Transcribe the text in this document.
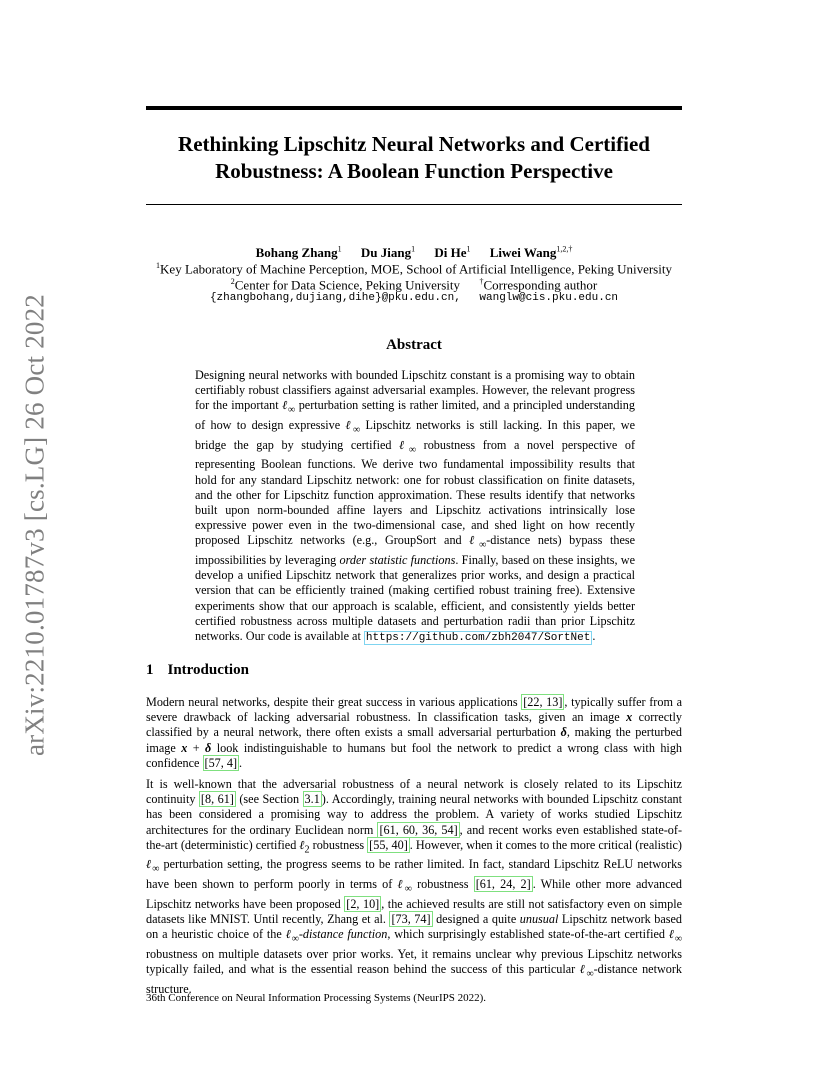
arXiv:2210.01787v3 [cs.LG] 26 Oct 2022
Rethinking Lipschitz Neural Networks and Certified
Robustness: A Boolean Function Perspective
Bohang Zhang$^1$ Du Jiang$^1$ Di He$^1$ Liwei Wang$^{1,2,\dagger}$
$^1$Key Laboratory of Machine Perception, MOE, School of Artificial Intelligence, Peking University
$^2$Center for Data Science, Peking University †Corresponding author
{zhangbohang,dujiang,dihe}@pku.edu.cn, wanglw@cis.pku.edu.cn
Abstract
Designing neural networks with bounded Lipschitz constant is a promising way to obtain certifiably robust classifiers against adversarial examples. However, the relevant progress for the important ℓ$_\infty$ perturbation setting is rather limited, and a principled understanding of how to design expressive ℓ$_\infty$ Lipschitz networks is still lacking. In this paper, we bridge the gap by studying certified ℓ$_\infty$ robustness from a novel perspective of representing Boolean functions. We derive two fundamental impossibility results that hold for any standard Lipschitz network: one for robust classification on finite datasets, and the other for Lipschitz function approximation. These results identify that networks built upon norm-bounded affine layers and Lipschitz activations intrinsically lose expressive power even in the two-dimensional case, and shed light on how recently proposed Lipschitz networks (e.g., GroupSort and ℓ$_\infty$-distance nets) bypass these impossibilities by leveraging order statistic functions. Finally, based on these insights, we develop a unified Lipschitz network that generalizes prior works, and design a practical version that can be efficiently trained (making certified robust training free). Extensive experiments show that our approach is scalable, efficient, and consistently yields better certified robustness across multiple datasets and perturbation radii than prior Lipschitz networks. Our code is available at https://github.com/zbh2047/SortNet .
1 Introduction
Modern neural networks, despite their great success in various applications [22, 13] , typically suffer from a severe drawback of lacking adversarial robustness. In classification tasks, given an image x correctly classified by a neural network, there often exists a small adversarial perturbation δ, making the perturbed image x + δ look indistinguishable to humans but fool the network to predict a wrong class with high confidence [57, 4] .
It is well-known that the adversarial robustness of a neural network is closely related to its Lipschitz continuity [8, 61] (see Section 3.1 ). Accordingly, training neural networks with bounded Lipschitz constant has been considered a promising way to address the problem. A variety of works studied Lipschitz architectures for the ordinary Euclidean norm [61, 60, 36, 54] , and recent works even established state-of-the-art (deterministic) certified ℓ$_2$ robustness [55, 40] . However, when it comes to the more critical (realistic) ℓ$_\infty$ perturbation setting, the progress seems to be rather limited. In fact, standard Lipschitz ReLU networks have been shown to perform poorly in terms of ℓ$_\infty$ robustness [61, 24, 2] . While other more advanced Lipschitz networks have been proposed [2, 10] , the achieved results are still not satisfactory even on simple datasets like MNIST. Until recently, Zhang et al. [73, 74] designed a quite unusual Lipschitz network based on a heuristic choice of the ℓ$_\infty$-distance function, which surprisingly established state-of-the-art certified ℓ$_\infty$ robustness on multiple datasets over prior works. Yet, it remains unclear why previous Lipschitz networks typically failed, and what is the essential reason behind the success of this particular ℓ$_\infty$-distance network structure.
36th Conference on Neural Information Processing Systems (NeurIPS 2022).
